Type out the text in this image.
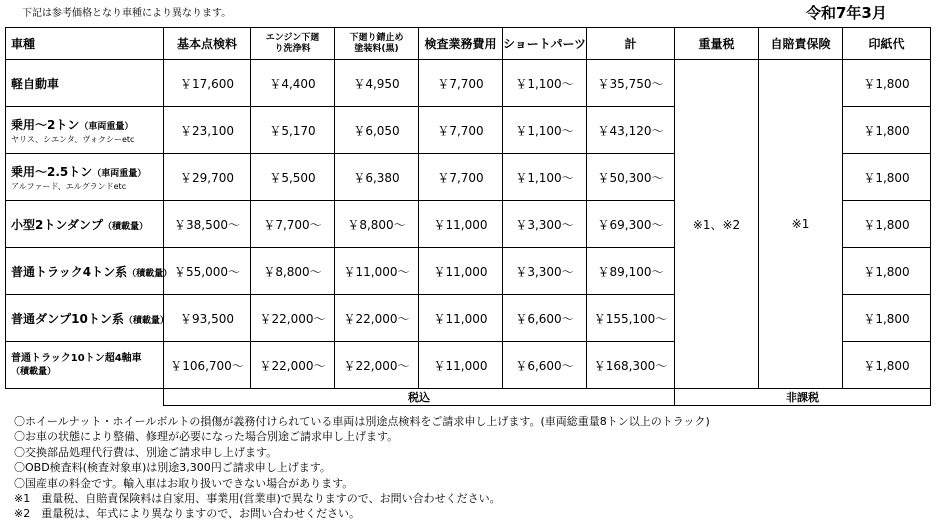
下記は参考価格となり車種により異なります。	令和7年3月
車種	基本点検料	エンジン下廻り洗浄料	下廻り錆止め塗装料(黒)	検査業務費用	ショートパーツ	計	重量税	自賠責保険	印紙代
軽自動車	￥17,600	￥4,400	￥4,950	￥7,700	￥1,100～	￥35,750～	※1、※2	※1	￥1,800
乗用～2トン（車両重量）
ヤリス、シエンタ、ヴォクシーetc	￥23,100	￥5,170	￥6,050	￥7,700	￥1,100～	￥43,120～			￥1,800
乗用～2.5トン（車両重量）
アルファード、エルグランドetc	￥29,700	￥5,500	￥6,380	￥7,700	￥1,100～	￥50,300～			￥1,800
小型2トンダンプ（積載量）	￥38,500～	￥7,700～	￥8,800～	￥11,000	￥3,300～	￥69,300～			￥1,800
普通トラック4トン系（積載量）	￥55,000～	￥8,800～	￥11,000～	￥11,000	￥3,300～	￥89,100～			￥1,800
普通ダンプ10トン系（積載量）	￥93,500	￥22,000～	￥22,000～	￥11,000	￥6,600～	￥155,100～			￥1,800
普通トラック10トン超4軸車
（積載量）	￥106,700～	￥22,000～	￥22,000～	￥11,000	￥6,600～	￥168,300～			￥1,800
	税込						非課税		
〇ホイールナット・ホイールボルトの損傷が義務付けられている車両は別途点検料をご請求申し上げます。(車両総重量8トン以上のトラック)
〇お車の状態により整備、修理が必要になった場合別途ご請求申し上げます。
〇交換部品処理代行費は、別途ご請求申し上げます。
〇OBD検査料(検査対象車)は別途3,300円ご請求申し上げます。
〇国産車の料金です。輸入車はお取り扱いできない場合があります。
※1　重量税、自賠責保険料は自家用、事業用(営業車)で異なりますので、お問い合わせください。
※2　重量税は、年式により異なりますので、お問い合わせください。
